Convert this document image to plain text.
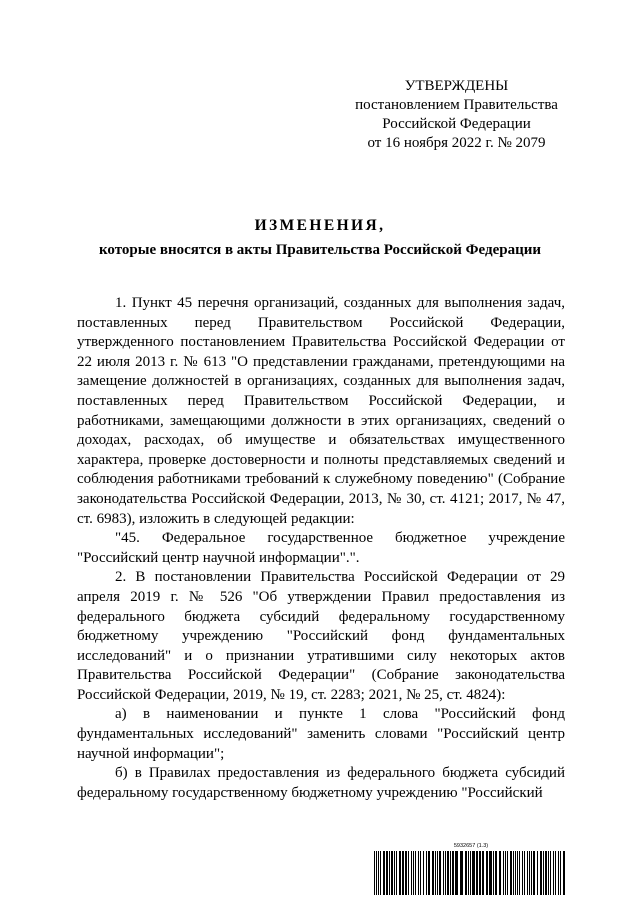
УТВЕРЖДЕНЫ
постановлением Правительства
Российской Федерации
от 16 ноября 2022 г. № 2079
ИЗМЕНЕНИЯ,
которые вносятся в акты Правительства Российской Федерации

1. Пункт 45 перечня организаций, созданных для выполнения задач, поставленных перед Правительством Российской Федерации, утвержденного постановлением Правительства Российской Федерации от 22 июля 2013 г. № 613 "О представлении гражданами, претендующими на замещение должностей в организациях, созданных для выполнения задач, поставленных перед Правительством Российской Федерации, и работниками, замещающими должности в этих организациях, сведений о доходах, расходах, об имуществе и обязательствах имущественного характера, проверке достоверности и полноты представляемых сведений и соблюдения работниками требований к служебному поведению" (Собрание законодательства Российской Федерации, 2013, № 30, ст. 4121; 2017, № 47, ст. 6983), изложить в следующей редакции:

"45. Федеральное государственное бюджетное учреждение "Российский центр научной информации".".

2. В постановлении Правительства Российской Федерации от 29 апреля 2019 г. № 526 "Об утверждении Правил предоставления из федерального бюджета субсидий федеральному государственному бюджетному учреждению "Российский фонд фундаментальных исследований" и о признании утратившими силу некоторых актов Правительства Российской Федерации" (Собрание законодательства Российской Федерации, 2019, № 19, ст. 2283; 2021, № 25, ст. 4824):

а) в наименовании и пункте 1 слова "Российский фонд фундаментальных исследований" заменить словами "Российский центр научной информации";

б) в Правилах предоставления из федерального бюджета субсидий федеральному государственному бюджетному учреждению "Российский

5932657 (1.3)
